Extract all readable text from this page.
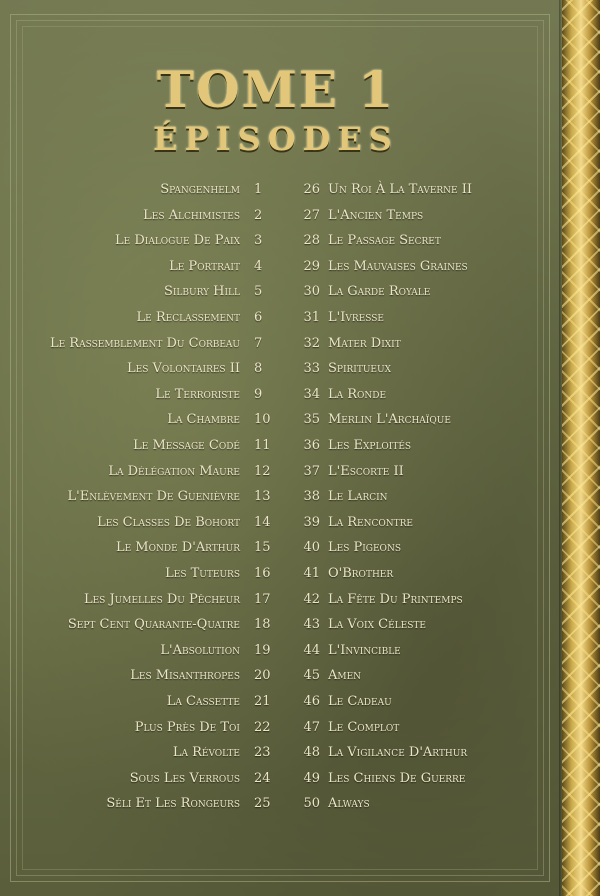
TOME 1
ÉPISODES
Spangenhelm 1	26 Un Roi À La Taverne II
Les Alchimistes 2	27 L'Ancien Temps
Le Dialogue De Paix 3	28 Le Passage Secret
Le Portrait 4	29 Les Mauvaises Graines
Silbury Hill 5	30 La Garde Royale
Le Reclassement 6	31 L'Ivresse
Le Rassemblement Du Corbeau 7	32 Mater Dixit
Les Volontaires II 8	33 Spiritueux
Le Terroriste 9	34 La Ronde
La Chambre 10	35 Merlin L'Archaïque
Le Message Codé 11	36 Les Exploités
La Délégation Maure 12	37 L'Escorte II
L'Enlèvement De Guenièvre 13	38 Le Larcin
Les Classes De Bohort 14	39 La Rencontre
Le Monde D'Arthur 15	40 Les Pigeons
Les Tuteurs 16	41 O'Brother
Les Jumelles Du Pêcheur 17	42 La Fête Du Printemps
Sept Cent Quarante-Quatre 18	43 La Voix Céleste
L'Absolution 19	44 L'Invincible
Les Misanthropes 20	45 Amen
La Cassette 21	46 Le Cadeau
Plus Près De Toi 22	47 Le Complot
La Révolte 23	48 La Vigilance D'Arthur
Sous Les Verrous 24	49 Les Chiens De Guerre
Séli Et Les Rongeurs 25	50 Always
